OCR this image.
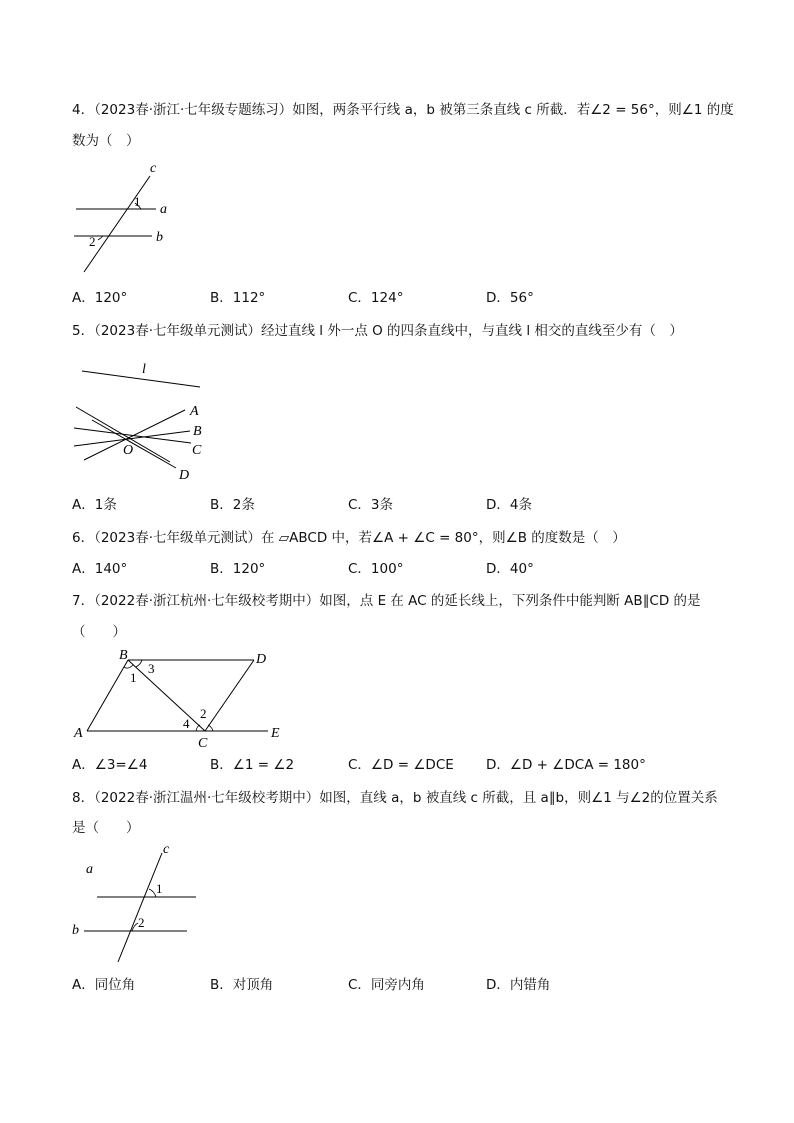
4．（2023春·浙江·七年级专题练习）如图，两条平行线 a，b 被第三条直线 c 所截．若∠2 = 56°，则∠1 的度
数为（　）
c
a
b
1
2
A．120°	B．112°	C．124°	D．56°
5．（2023春·七年级单元测试）经过直线 l 外一点 O 的四条直线中，与直线 l 相交的直线至少有（　）
l
A
B
C
D
O
A．1条	B．2条	C．3条	D．4条
6．（2023春·七年级单元测试）在 ▱ABCD 中，若∠A + ∠C = 80°，则∠B 的度数是（　）
A．140°	B．120°	C．100°	D．40°
7．（2022春·浙江杭州·七年级校考期中）如图，点 E 在 AC 的延长线上，下列条件中能判断 AB∥CD 的是
（　　）
B	D
A
C
E
1
3
4
2
A．∠3=∠4	B．∠1 = ∠2	C．∠D = ∠DCE D．∠D + ∠DCA = 180°
8．（2022春·浙江温州·七年级校考期中）如图，直线 a，b 被直线 c 所截，且 a∥b，则∠1 与∠2的位置关系
是（　　）
c
a
b
1
2
A．同位角	B．对顶角	C．同旁内角	D．内错角
